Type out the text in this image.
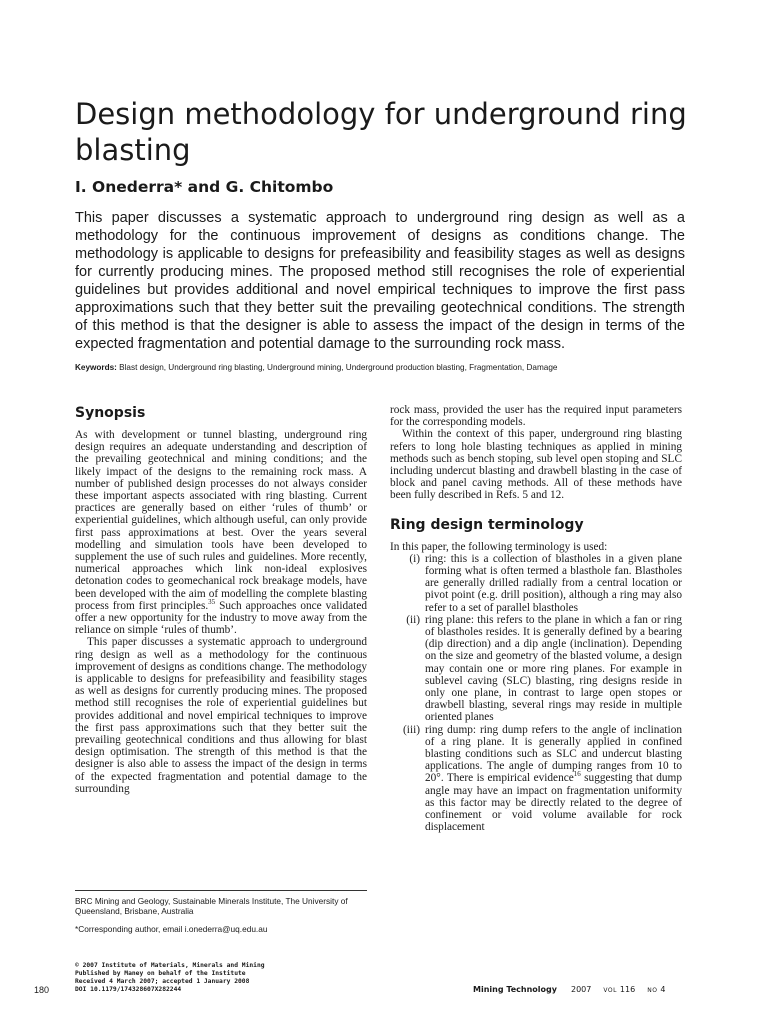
Design methodology for underground ring blasting

I. Onederra* and G. Chitombo

This paper discusses a systematic approach to underground ring design as well as a methodology for the continuous improvement of designs as conditions change. The methodology is applicable to designs for prefeasibility and feasibility stages as well as designs for currently producing mines. The proposed method still recognises the role of experiential guidelines but provides additional and novel empirical techniques to improve the first pass approximations such that they better suit the prevailing geotechnical conditions. The strength of this method is that the designer is able to assess the impact of the design in terms of the expected fragmentation and potential damage to the surrounding rock mass.

Keywords: Blast design, Underground ring blasting, Underground mining, Underground production blasting, Fragmentation, Damage

Synopsis

As with development or tunnel blasting, underground ring design requires an adequate understanding and description of the prevailing geotechnical and mining conditions; and the likely impact of the designs to the remaining rock mass. A number of published design processes do not always consider these important aspects associated with ring blasting. Current practices are generally based on either ‘rules of thumb’ or experiential guidelines, which although useful, can only provide first pass approximations at best. Over the years several modelling and simulation tools have been developed to supplement the use of such rules and guidelines. More recently, numerical approaches which link non-ideal explosives detonation codes to geomechanical rock breakage models, have been developed with the aim of modelling the complete blasting process from first principles.$^{35}$ Such approaches once validated offer a new opportunity for the industry to move away from the reliance on simple ‘rules of thumb’.

This paper discusses a systematic approach to underground ring design as well as a methodology for the continuous improvement of designs as conditions change. The methodology is applicable to designs for prefeasibility and feasibility stages as well as designs for currently producing mines. The proposed method still recognises the role of experiential guidelines but provides additional and novel empirical techniques to improve the first pass approximations such that they better suit the prevailing geotechnical conditions and thus allowing for blast design optimisation. The strength of this method is that the designer is also able to assess the impact of the design in terms of the expected fragmentation and potential damage to the surrounding

rock mass, provided the user has the required input parameters for the corresponding models.

Within the context of this paper, underground ring blasting refers to long hole blasting techniques as applied in mining methods such as bench stoping, sub level open stoping and SLC including undercut blasting and drawbell blasting in the case of block and panel caving methods. All of these methods have been fully described in Refs. 5 and 12.

Ring design terminology

In this paper, the following terminology is used:

(i) ring: this is a collection of blastholes in a given plane forming what is often termed a blasthole fan. Blastholes are generally drilled radially from a central location or pivot point (e.g. drill position), although a ring may also refer to a set of parallel blastholes
(ii) ring plane: this refers to the plane in which a fan or ring of blastholes resides. It is generally defined by a bearing (dip direction) and a dip angle (inclination). Depending on the size and geometry of the blasted volume, a design may contain one or more ring planes. For example in sublevel caving (SLC) blasting, ring designs reside in only one plane, in contrast to large open stopes or drawbell blasting, several rings may reside in multiple oriented planes
(iii) ring dump: ring dump refers to the angle of inclination of a ring plane. It is generally applied in confined blasting conditions such as SLC and undercut blasting applications. The angle of dumping ranges from 10 to 20°. There is empirical evidence$^{16}$ suggesting that dump angle may have an impact on fragmentation uniformity as this factor may be directly related to the degree of confinement or void volume available for rock displacement
BRC Mining and Geology, Sustainable Minerals Institute, The University of Queensland, Brisbane, Australia
*Corresponding author, email i.onederra@uq.edu.au
© 2007 Institute of Materials, Minerals and Mining
Published by Maney on behalf of the Institute
Received 4 March 2007; accepted 1 January 2008
DOI 10.1179/174328607X282244
180	Mining Technology 2007 VOL 116 NO 4
